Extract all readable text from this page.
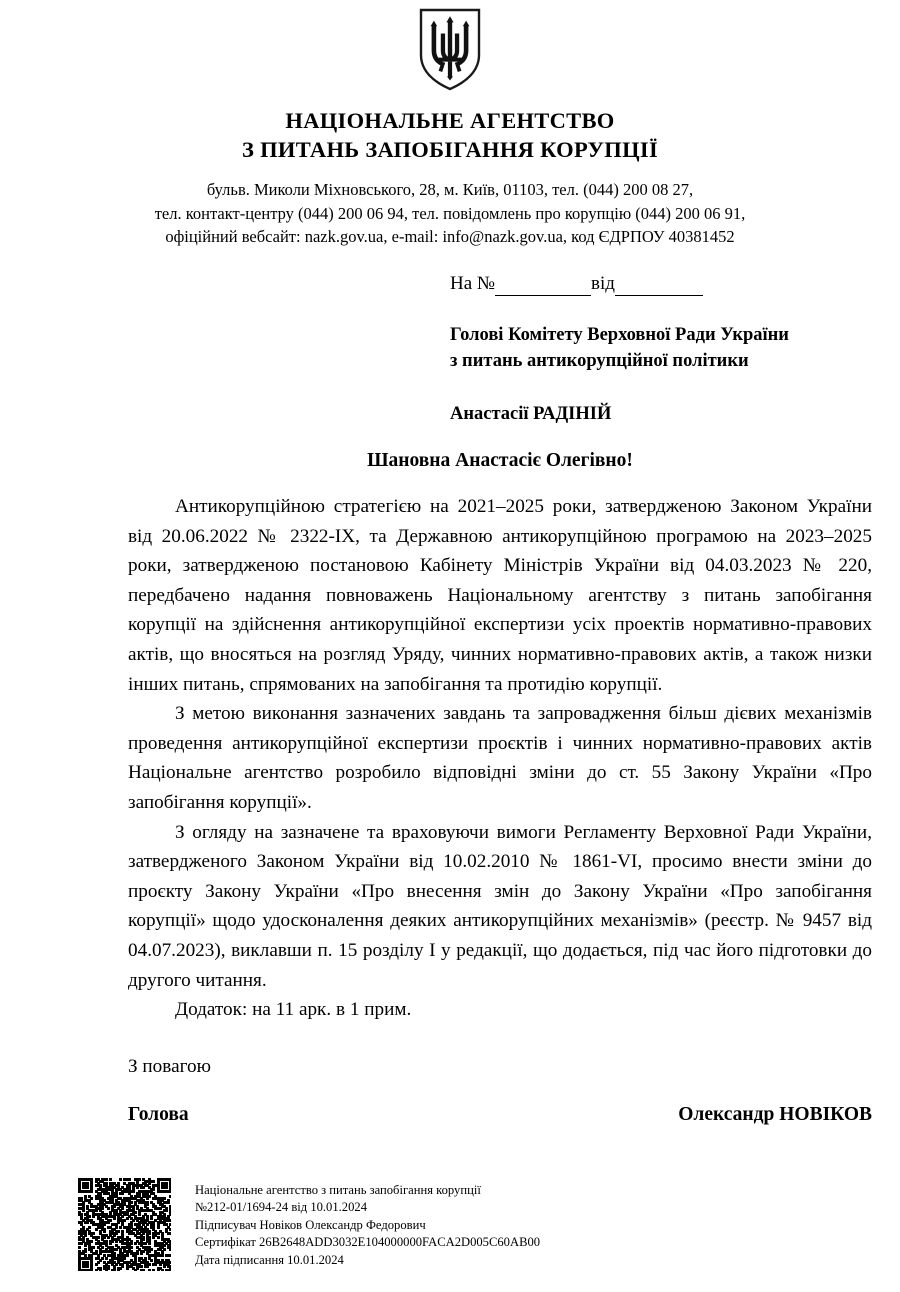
НАЦІОНАЛЬНЕ АГЕНТСТВО
З ПИТАНЬ ЗАПОБІГАННЯ КОРУПЦІЇ
бульв. Миколи Міхновського, 28, м. Київ, 01103, тел. (044) 200 08 27,
тел. контакт-центру (044) 200 06 94, тел. повідомлень про корупцію (044) 200 06 91,
офіційний вебсайт: nazk.gov.ua, e-mail: info@nazk.gov.ua, код ЄДРПОУ 40381452
На №	від
Голові Комітету Верховної Ради України
з питань антикорупційної політики
Анастасії РАДІНІЙ
Шановна Анастасіє Олегівно!

Антикорупційною стратегією на 2021–2025 роки, затвердженою Законом України від 20.06.2022 № 2322-IX, та Державною антикорупційною програмою на 2023–2025 роки, затвердженою постановою Кабінету Міністрів України від 04.03.2023 № 220, передбачено надання повноважень Національному агентству з питань запобігання корупції на здійснення антикорупційної експертизи усіх проектів нормативно-правових актів, що вносяться на розгляд Уряду, чинних нормативно-правових актів, а також низки інших питань, спрямованих на запобігання та протидію корупції.

З метою виконання зазначених завдань та запровадження більш дієвих механізмів проведення антикорупційної експертизи проєктів і чинних нормативно-правових актів Національне агентство розробило відповідні зміни до ст. 55 Закону України «Про запобігання корупції».

З огляду на зазначене та враховуючи вимоги Регламенту Верховної Ради України, затвердженого Законом України від 10.02.2010 № 1861-VI, просимо внести зміни до проєкту Закону України «Про внесення змін до Закону України «Про запобігання корупції» щодо удосконалення деяких антикорупційних механізмів» (реєстр. № 9457 від 04.07.2023), виклавши п. 15 розділу I у редакції, що додається, під час його підготовки до другого читання.

Додаток: на 11 арк. в 1 прим.

З повагою
Голова	Олександр НОВІКОВ
Національне агентство з питань запобігання корупції
№212-01/1694-24 від 10.01.2024
Підписувач Новіков Олександр Федорович
Сертифікат 26B2648ADD3032E104000000FACA2D005C60AB00
Дата підписання 10.01.2024
